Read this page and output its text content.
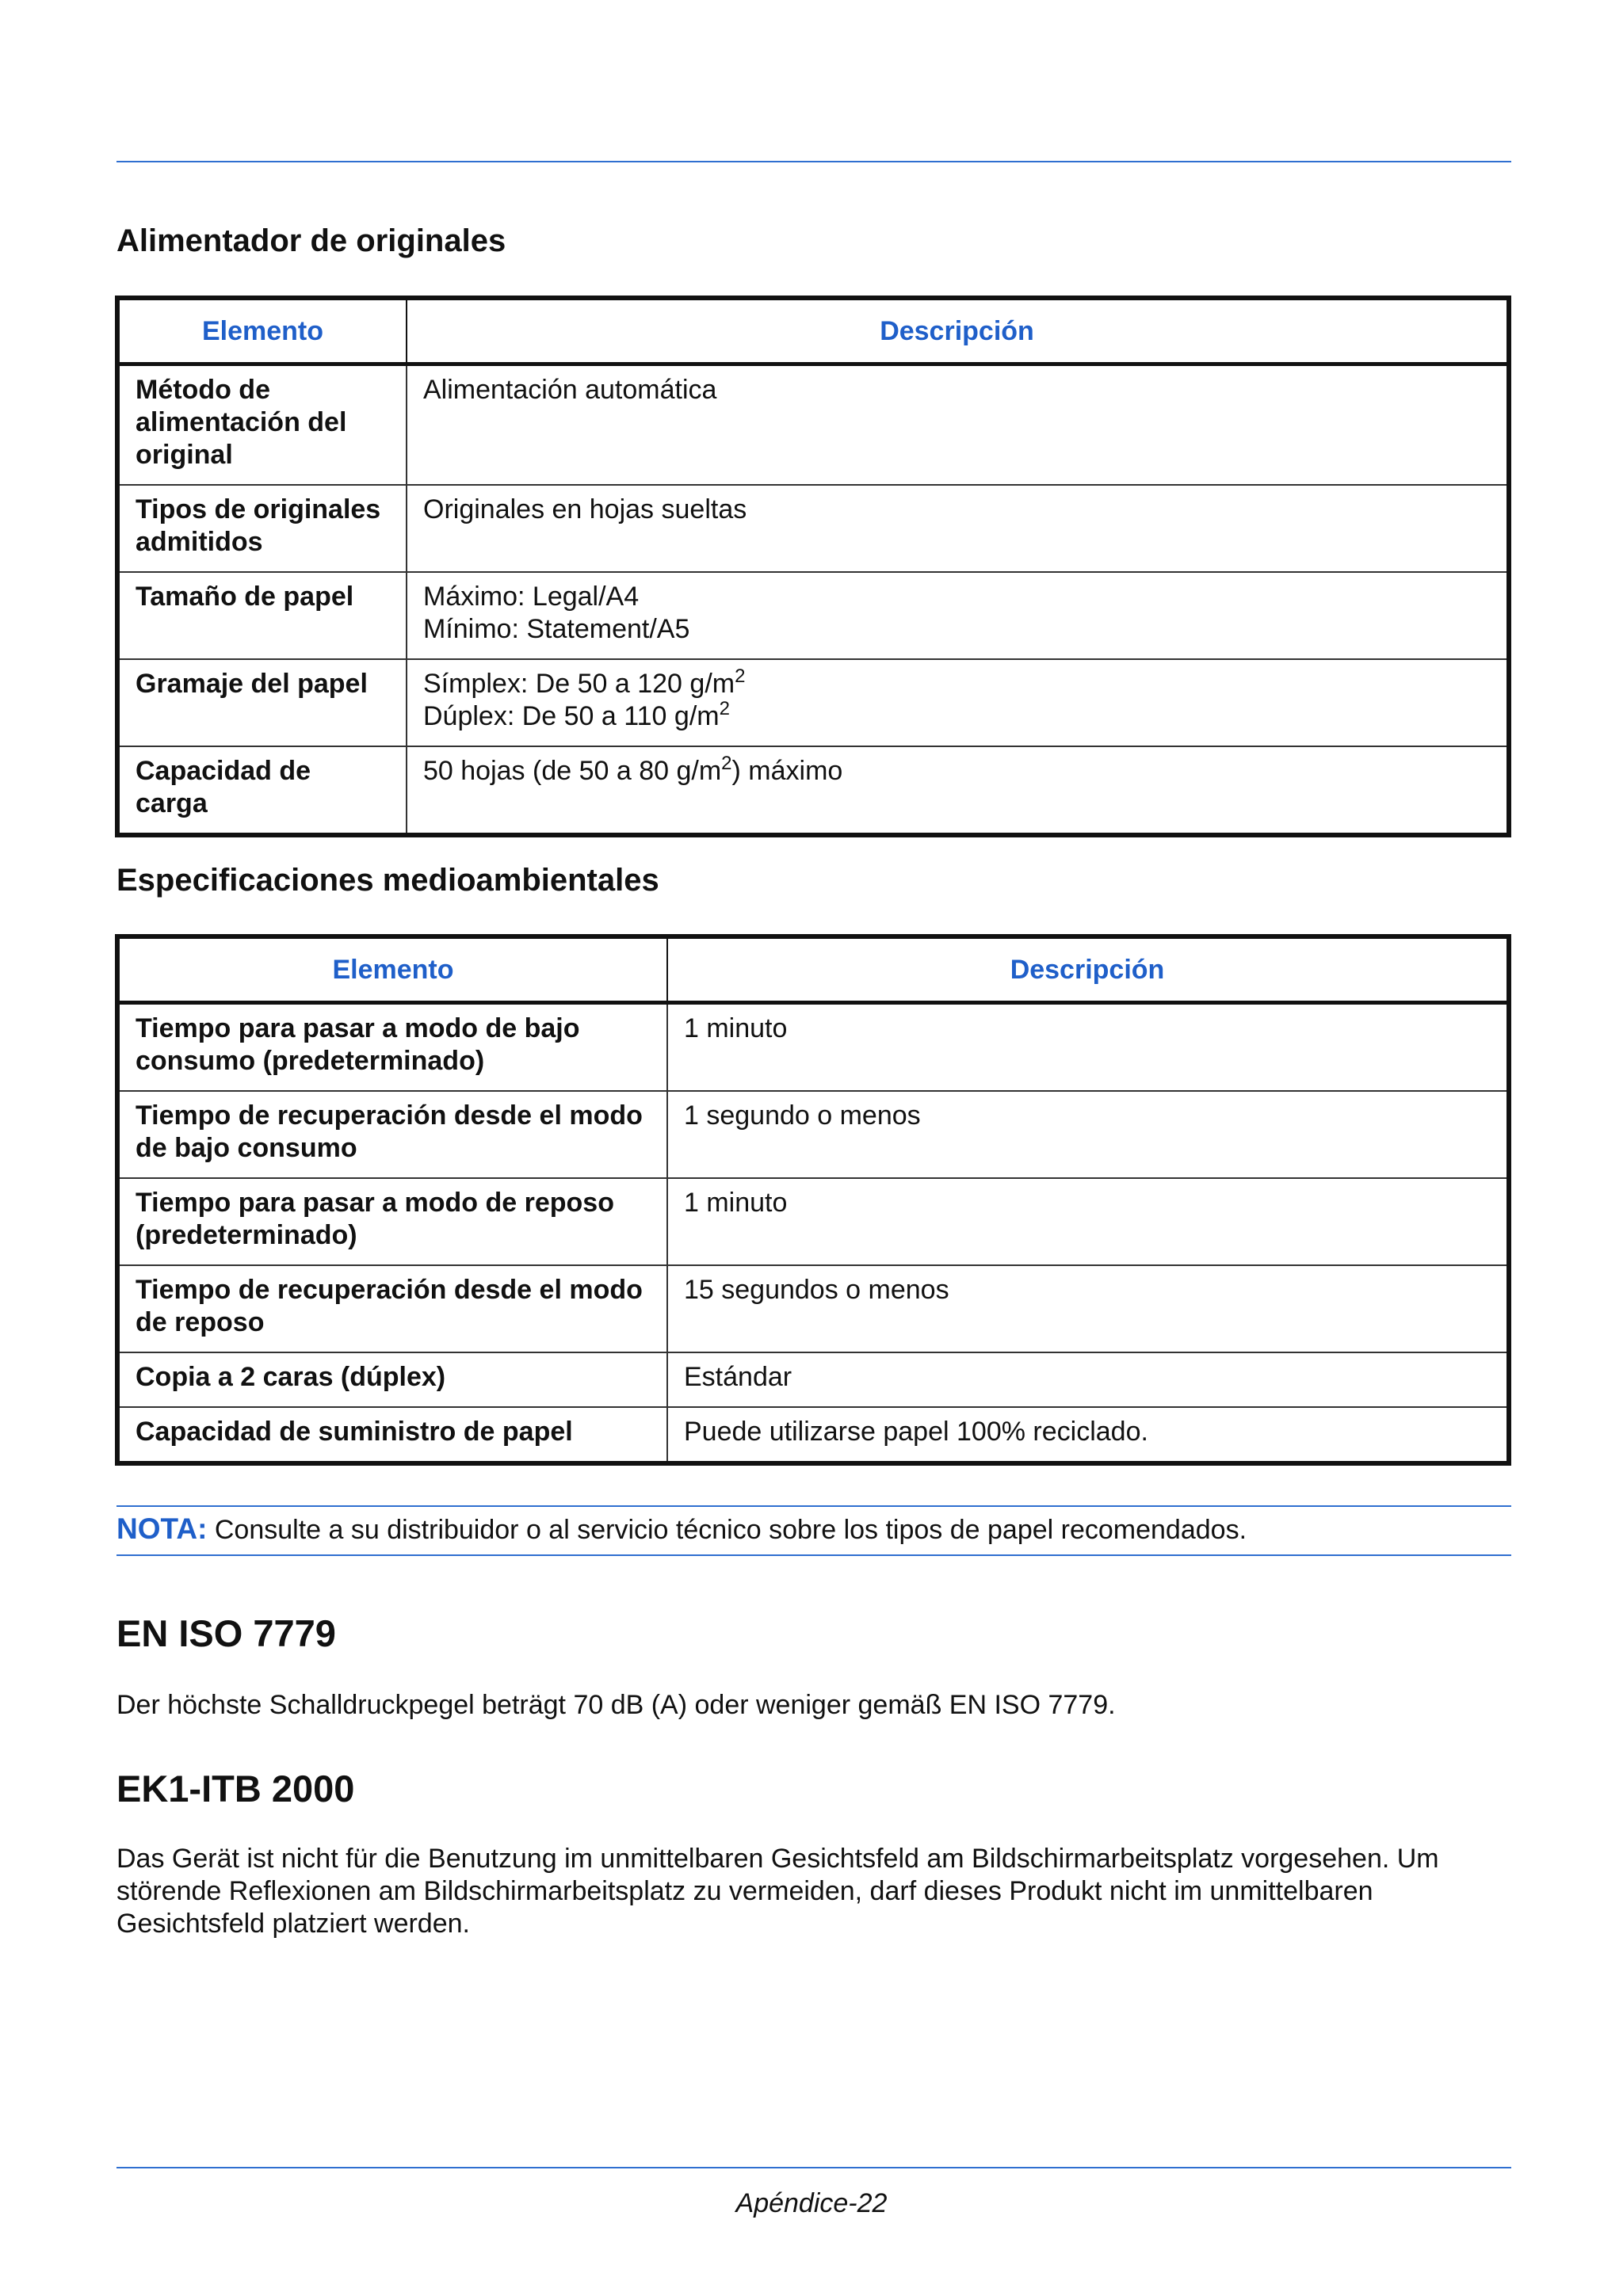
Alimentador de originales
Elemento	Descripción
Método de alimentación del original	Alimentación automática
Tipos de originales admitidos	Originales en hojas sueltas
Tamaño de papel	Máximo: Legal/A4
Mínimo: Statement/A5

Gramaje del papel	Símplex: De 50 a 120 $g/m^2$
Dúplex: De 50 a 110 $g/m^2$

Capacidad de carga	50 hojas (de 50 a 80 $g/m^2$) máximo
Especificaciones medioambientales
Elemento	Descripción
Tiempo para pasar a modo de bajo consumo (predeterminado)	1 minuto
Tiempo de recuperación desde el modo de bajo consumo	1 segundo o menos
Tiempo para pasar a modo de reposo (predeterminado)	1 minuto
Tiempo de recuperación desde el modo de reposo	15 segundos o menos
Copia a 2 caras (dúplex)	Estándar
Capacidad de suministro de papel	Puede utilizarse papel 100% reciclado.

NOTA: Consulte a su distribuidor o al servicio técnico sobre los tipos de papel recomendados.

EN ISO 7779

Der höchste Schalldruckpegel beträgt 70 dB (A) oder weniger gemäß EN ISO 7779.

EK1-ITB 2000

Das Gerät ist nicht für die Benutzung im unmittelbaren Gesichtsfeld am Bildschirmarbeitsplatz vorgesehen. Um störende Reflexionen am Bildschirmarbeitsplatz zu vermeiden, darf dieses Produkt nicht im unmittelbaren Gesichtsfeld platziert werden.

Apéndice-22
